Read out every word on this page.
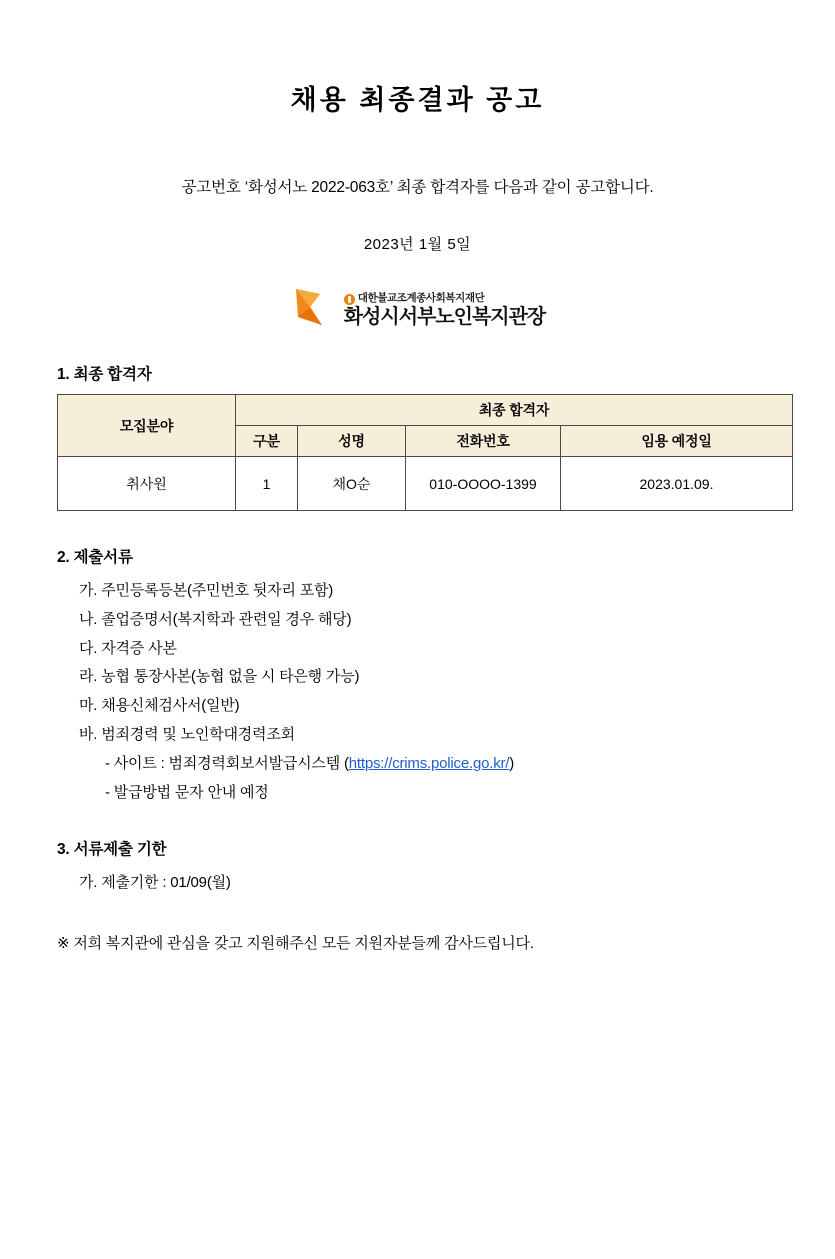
채용 최종결과 공고

공고번호 ‘화성서노 2022-063호’ 최종 합격자를 다음과 같이 공고합니다.

2023년 1월 5일

대한불교조계종사회복지재단
화성시서부노인복지관장
1. 최종 합격자
모집분야	최종 합격자			
	구분	성명	전화번호	임용 예정일
취사원	1	채O순	010-OOOO-1399	2023.01.09.
2. 제출서류
가. 주민등록등본(주민번호 뒷자리 포함)
나. 졸업증명서(복지학과 관련일 경우 해당)
다. 자격증 사본
라. 농협 통장사본(농협 없을 시 타은행 가능)
마. 채용신체검사서(일반)
바. 범죄경력 및 노인학대경력조회
- 사이트 : 범죄경력회보서발급시스템 (https://crims.police.go.kr/)
- 발급방법 문자 안내 예정
3. 서류제출 기한
가. 제출기한 : 01/09(월)

※ 저희 복지관에 관심을 갖고 지원해주신 모든 지원자분들께 감사드립니다.
